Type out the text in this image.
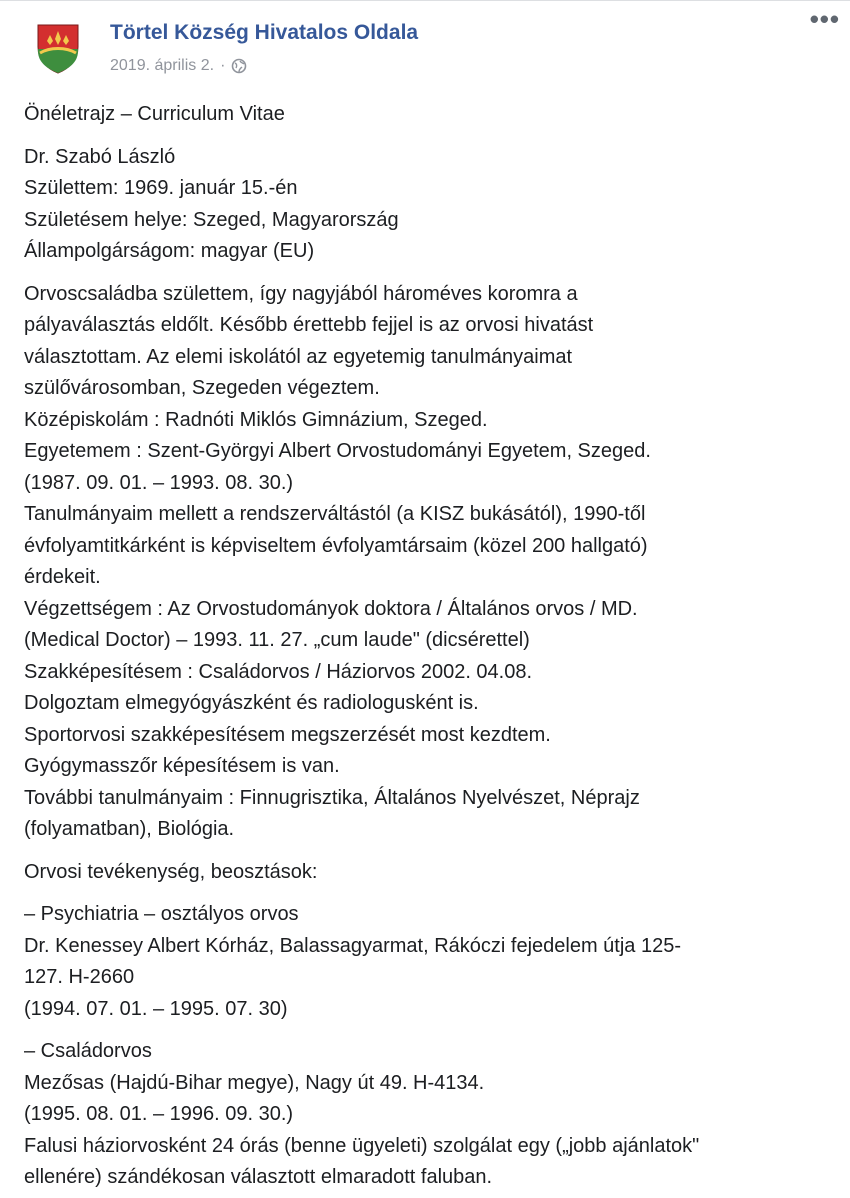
Törtel Község Hivatalos Oldala
2019. április 2. ·
•••
Önéletrajz – Curriculum Vitae
Dr. Szabó László
Születtem: 1969. január 15.-én
Születésem helye: Szeged, Magyarország
Állampolgárságom: magyar (EU)
Orvoscsaládba születtem, így nagyjából hároméves koromra a
pályaválasztás eldőlt. Később érettebb fejjel is az orvosi hivatást
választottam. Az elemi iskolától az egyetemig tanulmányaimat
szülővárosomban, Szegeden végeztem.
Középiskolám : Radnóti Miklós Gimnázium, Szeged.
Egyetemem : Szent-Györgyi Albert Orvostudományi Egyetem, Szeged.
(1987. 09. 01. – 1993. 08. 30.)
Tanulmányaim mellett a rendszerváltástól (a KISZ bukásától), 1990-től
évfolyamtitkárként is képviseltem évfolyamtársaim (közel 200 hallgató)
érdekeit.
Végzettségem : Az Orvostudományok doktora / Általános orvos / MD.
(Medical Doctor) – 1993. 11. 27. „cum laude" (dicsérettel)
Szakképesítésem : Családorvos / Háziorvos 2002. 04.08.
Dolgoztam elmegyógyászként és radiologusként is.
Sportorvosi szakképesítésem megszerzését most kezdtem.
Gyógymasszőr képesítésem is van.
További tanulmányaim : Finnugrisztika, Általános Nyelvészet, Néprajz
(folyamatban), Biológia.
Orvosi tevékenység, beosztások:
– Psychiatria – osztályos orvos
Dr. Kenessey Albert Kórház, Balassagyarmat, Rákóczi fejedelem útja 125-
127. H-2660
(1994. 07. 01. – 1995. 07. 30)
– Családorvos
Mezősas (Hajdú-Bihar megye), Nagy út 49. H-4134.
(1995. 08. 01. – 1996. 09. 30.)
Falusi háziorvosként 24 órás (benne ügyeleti) szolgálat egy („jobb ajánlatok"
ellenére) szándékosan választott elmaradott faluban.
